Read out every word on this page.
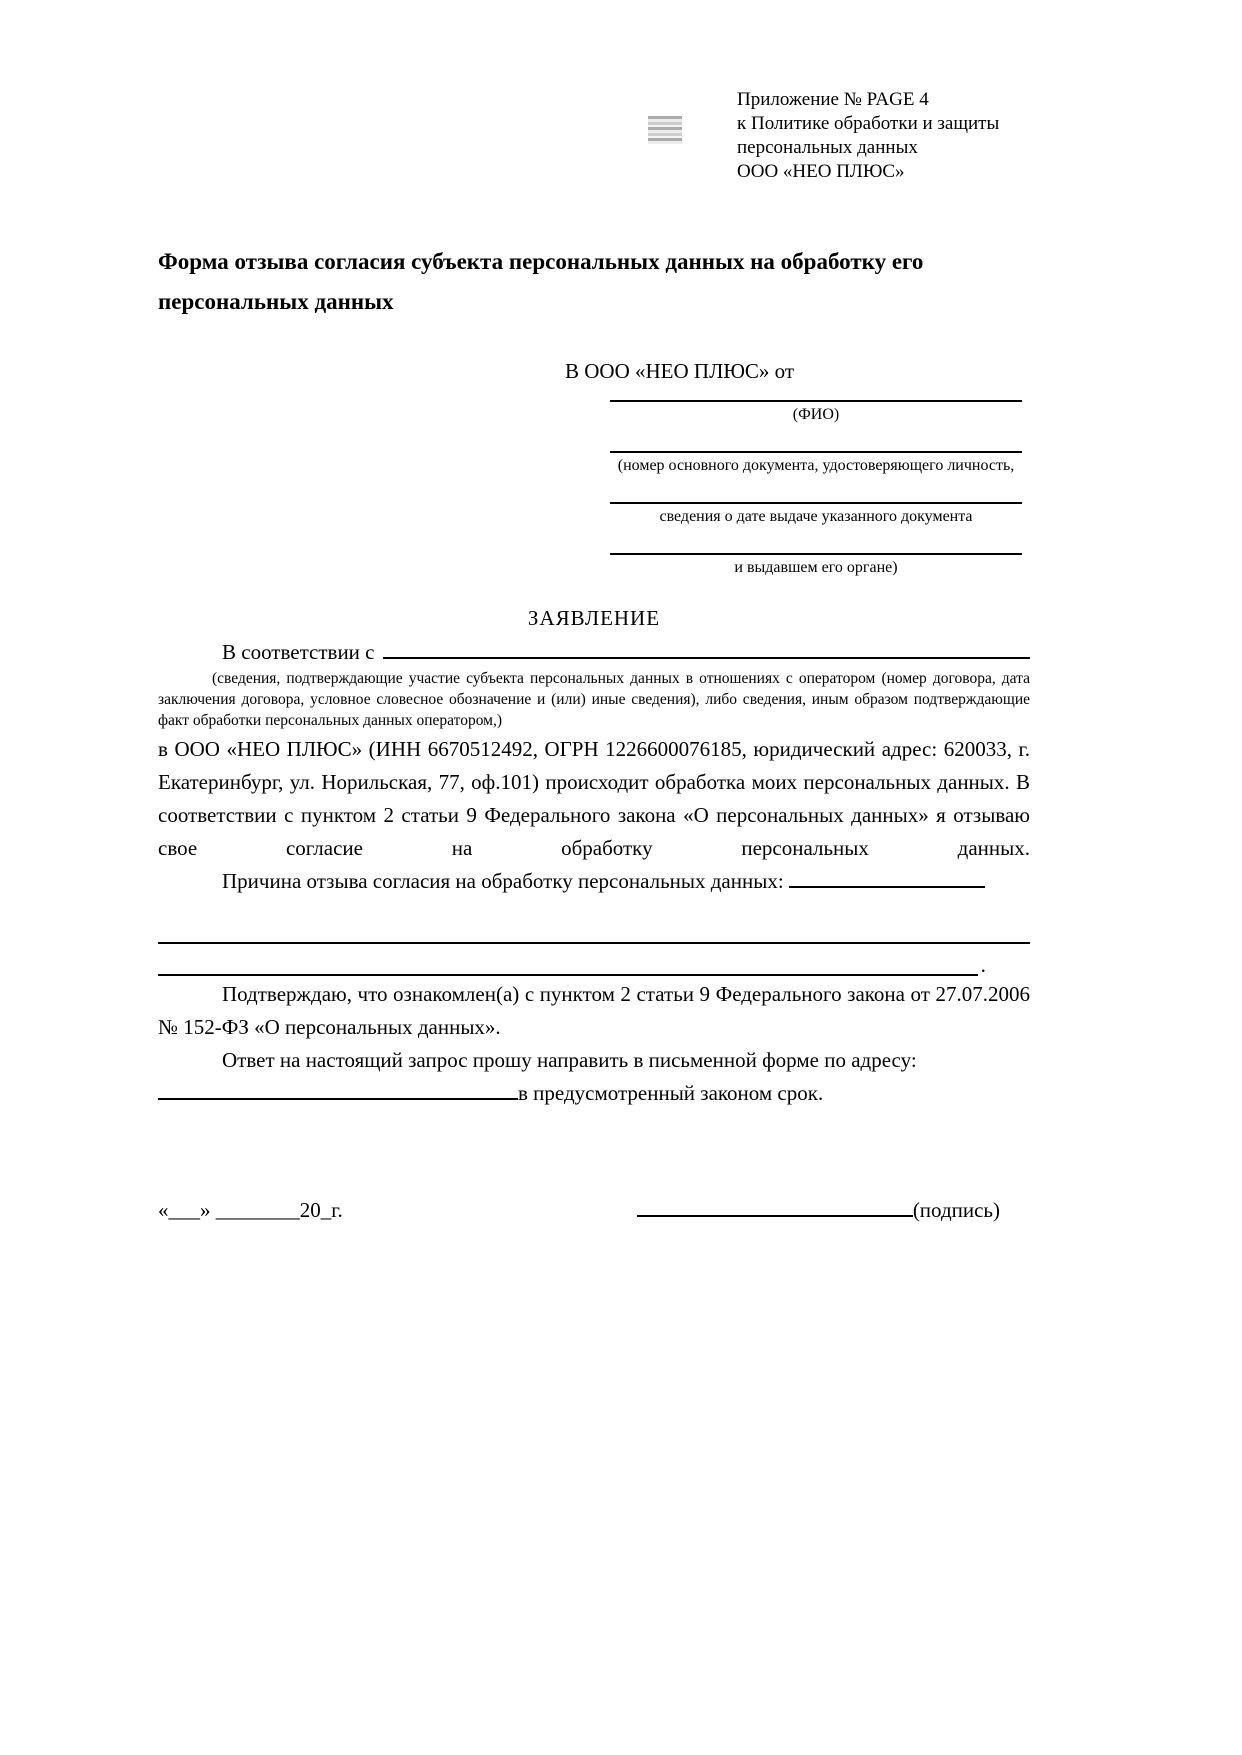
Приложение № PAGE 4
к Политике обработки и защиты
персональных данных
ООО «НЕО ПЛЮС»
Форма отзыва согласия субъекта персональных данных на обработку его персональных данных
В ООО «НЕО ПЛЮС» от
(ФИО)
(номер основного документа, удостоверяющего личность,
сведения о дате выдаче указанного документа
и выдавшем его органе)
ЗАЯВЛЕНИЕ
В соответствии с
(сведения, подтверждающие участие субъекта персональных данных в отношениях с оператором (номер договора, дата заключения договора, условное словесное обозначение и (или) иные сведения), либо сведения, иным образом подтверждающие факт обработки персональных данных оператором,)
в ООО «НЕО ПЛЮС» (ИНН 6670512492, ОГРН 1226600076185, юридический адрес: 620033, г. Екатеринбург, ул. Норильская, 77, оф.101) происходит обработка моих персональных данных. В соответствии с пунктом 2 статьи 9 Федерального закона «О персональных данных» я отзываю свое согласие на обработку персональных данных.
Причина отзыва согласия на обработку персональных данных:
.
Подтверждаю, что ознакомлен(а) с пунктом 2 статьи 9 Федерального закона от 27.07.2006 № 152-ФЗ «О персональных данных».
Ответ на настоящий запрос прошу направить в письменной форме по адресу:
в предусмотренный законом срок.
«___» ________20_г.	(подпись)
